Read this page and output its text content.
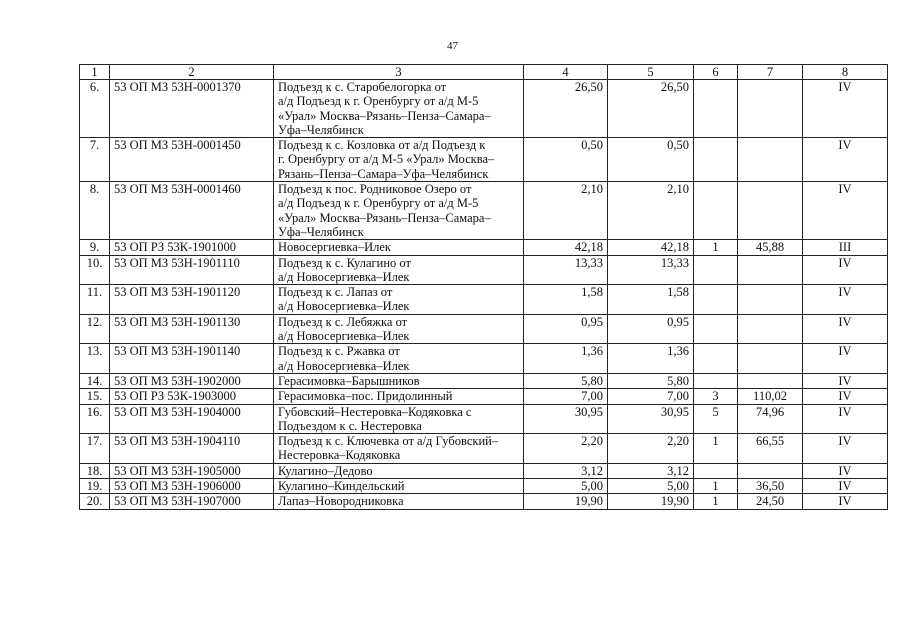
47
1	2	3	4	5	6	7	8
6.	53 ОП МЗ 53Н-0001370	Подъезд к с. Старобелогорка от
а/д Подъезд к г. Оренбургу от а/д М-5
«Урал» Москва–Рязань–Пенза–Самара–
Уфа–Челябинск	26,50	26,50			IV
7.	53 ОП МЗ 53Н-0001450	Подъезд к с. Козловка от а/д Подъезд к
г. Оренбургу от а/д М-5 «Урал» Москва–
Рязань–Пенза–Самара–Уфа–Челябинск	0,50	0,50			IV
8.	53 ОП МЗ 53Н-0001460	Подъезд к пос. Родниковое Озеро от
а/д Подъезд к г. Оренбургу от а/д М-5
«Урал» Москва–Рязань–Пенза–Самара–
Уфа–Челябинск	2,10	2,10			IV
9.	53 ОП РЗ 53К-1901000	Новосергиевка–Илек	42,18	42,18	1	45,88	III
10.	53 ОП МЗ 53Н-1901110	Подъезд к с. Кулагино от
а/д Новосергиевка–Илек	13,33	13,33			IV
11.	53 ОП МЗ 53Н-1901120	Подъезд к с. Лапаз от
а/д Новосергиевка–Илек	1,58	1,58			IV
12.	53 ОП МЗ 53Н-1901130	Подъезд к с. Лебяжка от
а/д Новосергиевка–Илек	0,95	0,95			IV
13.	53 ОП МЗ 53Н-1901140	Подъезд к с. Ржавка от
а/д Новосергиевка–Илек	1,36	1,36			IV
14.	53 ОП МЗ 53Н-1902000	Герасимовка–Барышников	5,80	5,80			IV
15.	53 ОП РЗ 53К-1903000	Герасимовка–пос. Придолинный	7,00	7,00	3	110,02	IV
16.	53 ОП МЗ 53Н-1904000	Губовский–Нестеровка–Кодяковка с
Подъездом к с. Нестеровка	30,95	30,95	5	74,96	IV
17.	53 ОП МЗ 53Н-1904110	Подъезд к с. Ключевка от а/д Губовский–
Нестеровка–Кодяковка	2,20	2,20	1	66,55	IV
18.	53 ОП МЗ 53Н-1905000	Кулагино–Дедово	3,12	3,12			IV
19.	53 ОП МЗ 53Н-1906000	Кулагино–Киндельский	5,00	5,00	1	36,50	IV
20.	53 ОП МЗ 53Н-1907000	Лапаз–Новородниковка	19,90	19,90	1	24,50	IV
